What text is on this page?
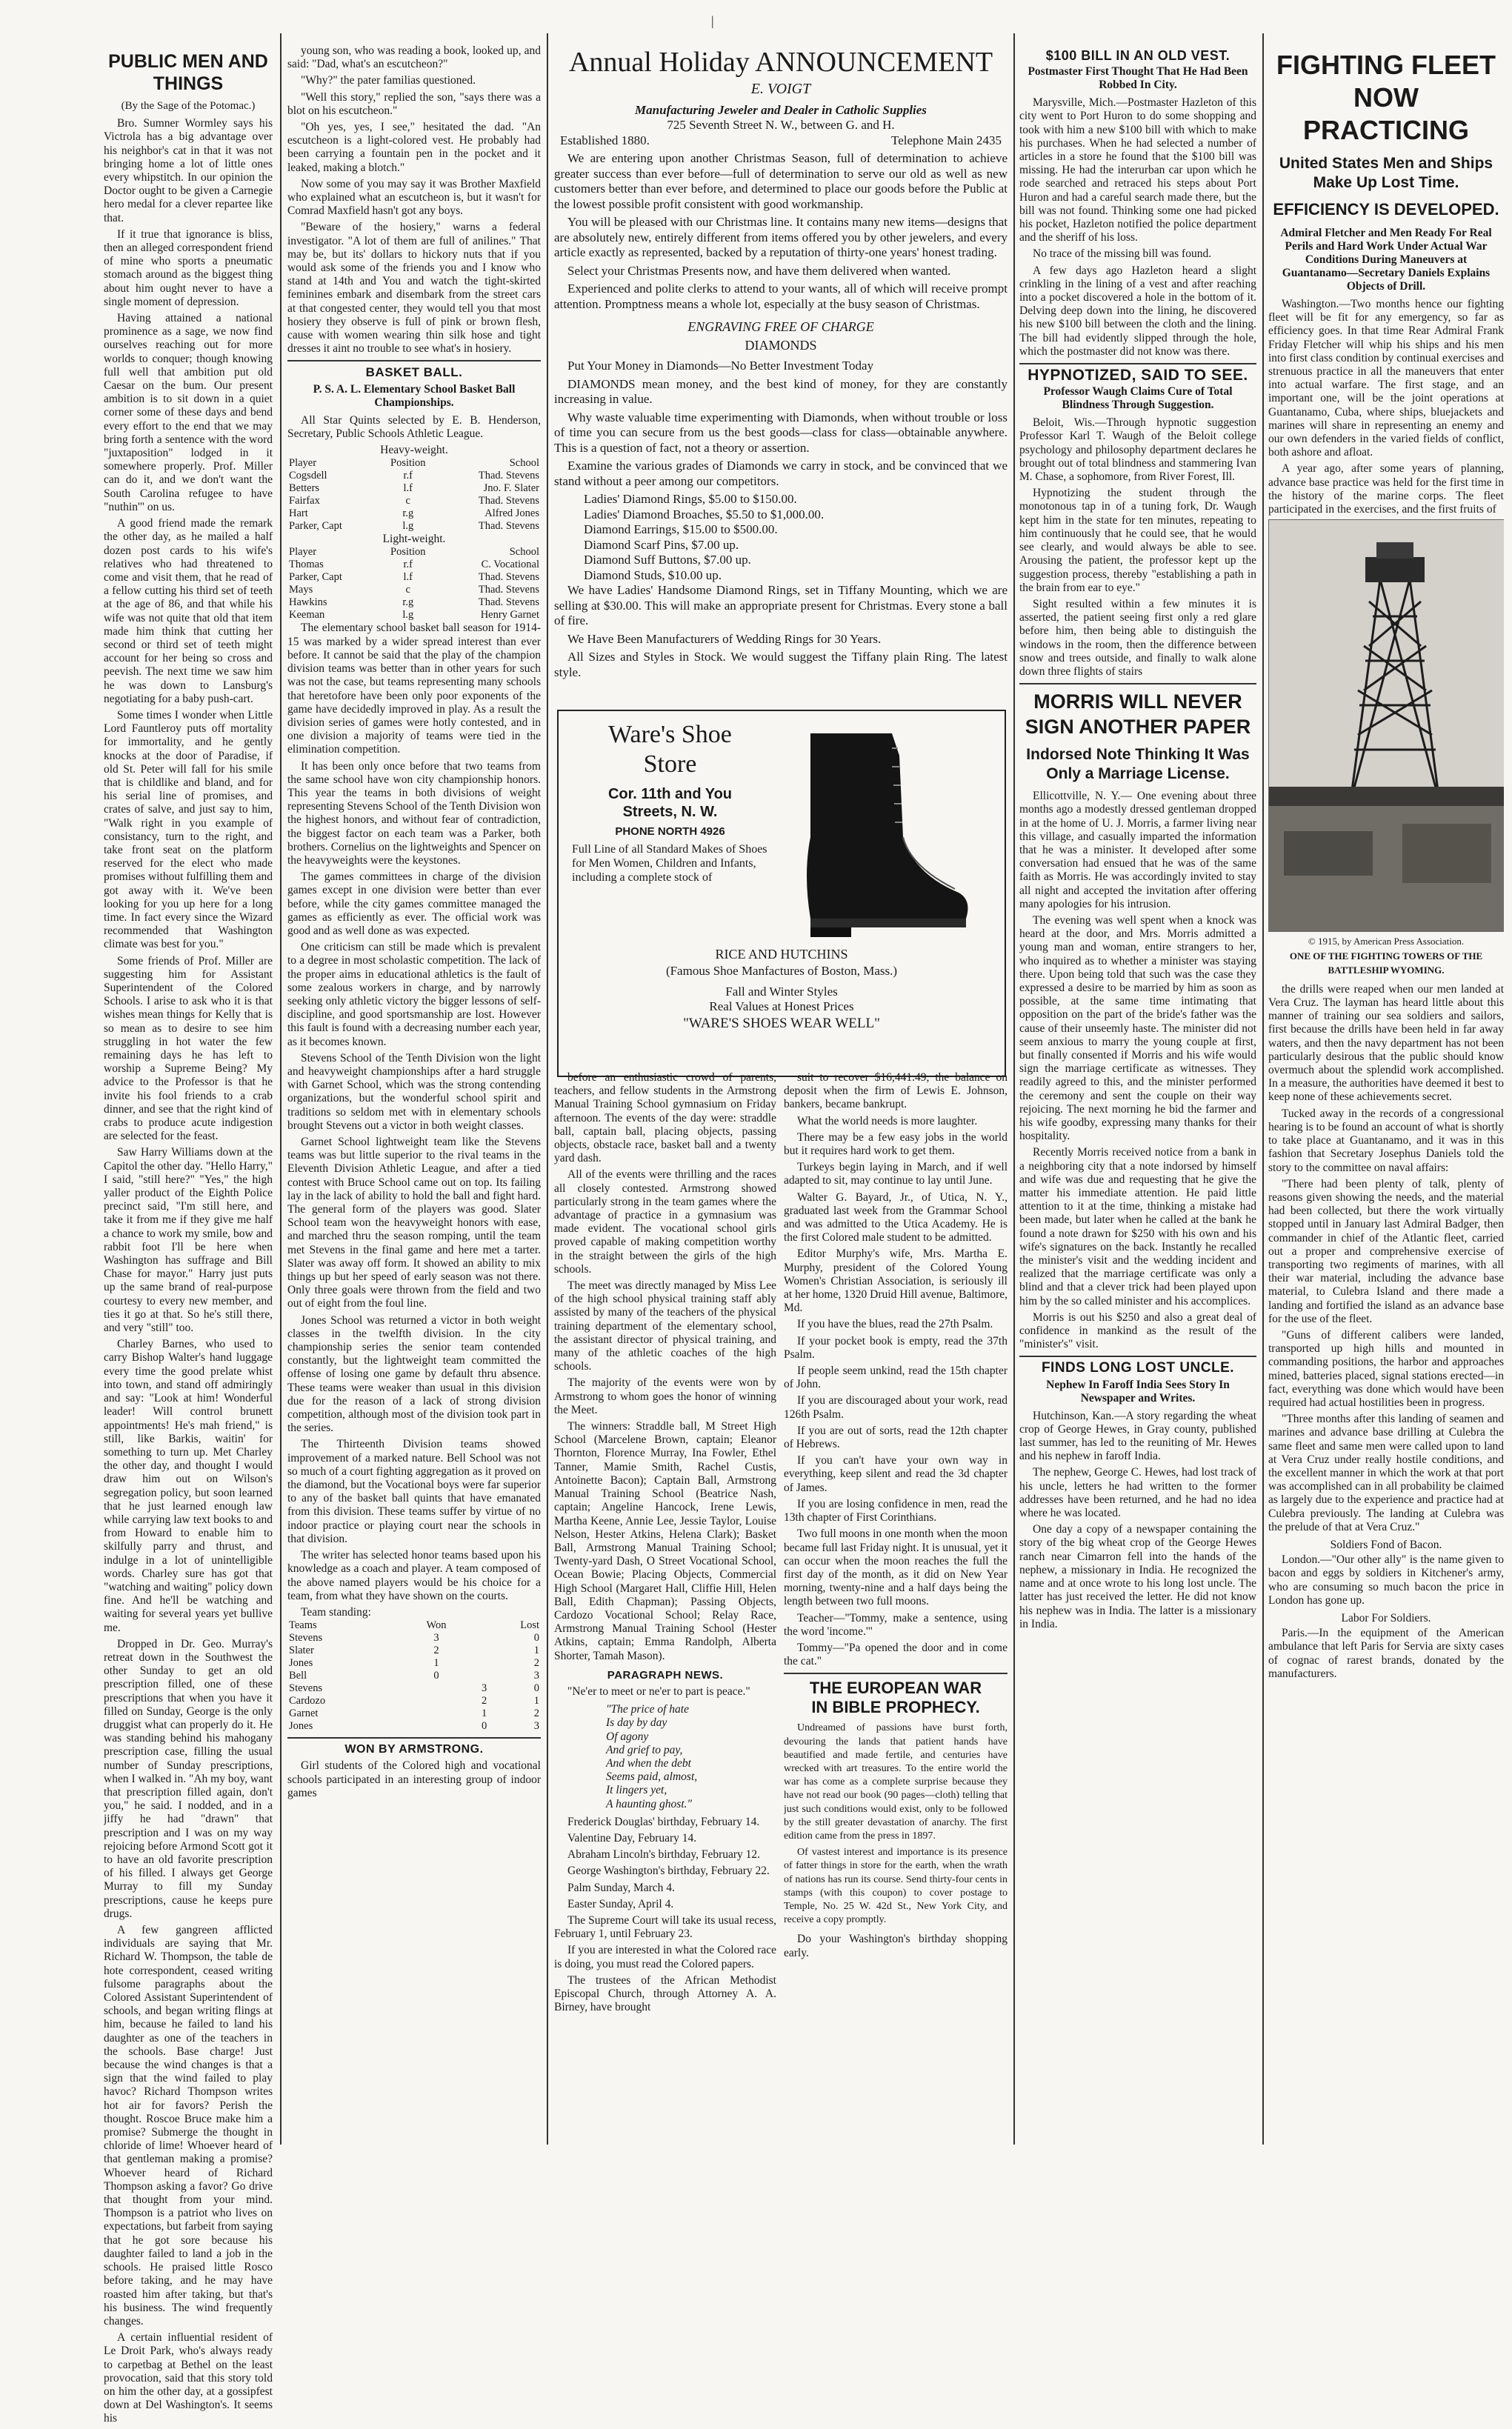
|
PUBLIC MEN AND THINGS
(By the Sage of the Potomac.)

Bro. Sumner Wormley says his Victrola has a big advantage over his neighbor's cat in that it was not bringing home a lot of little ones every whipstitch. In our opinion the Doctor ought to be given a Carnegie hero medal for a clever repartee like that.

If it true that ignorance is bliss, then an alleged correspondent friend of mine who sports a pneumatic stomach around as the biggest thing about him ought never to have a single moment of depression.

Having attained a national prominence as a sage, we now find ourselves reaching out for more worlds to conquer; though knowing full well that ambition put old Caesar on the bum. Our present ambition is to sit down in a quiet corner some of these days and bend every effort to the end that we may bring forth a sentence with the word "juxtaposition" lodged in it somewhere properly. Prof. Miller can do it, and we don't want the South Carolina refugee to have "nuthin'" on us.

A good friend made the remark the other day, as he mailed a half dozen post cards to his wife's relatives who had threatened to come and visit them, that he read of a fellow cutting his third set of teeth at the age of 86, and that while his wife was not quite that old that item made him think that cutting her second or third set of teeth might account for her being so cross and peevish. The next time we saw him he was down to Lansburg's negotiating for a baby push-cart.

Some times I wonder when Little Lord Fauntleroy puts off mortality for immortality, and he gently knocks at the door of Paradise, if old St. Peter will fall for his smile that is childlike and bland, and for his serial line of promises, and crates of salve, and just say to him, "Walk right in you example of consistancy, turn to the right, and take front seat on the platform reserved for the elect who made promises without fulfilling them and got away with it. We've been looking for you up here for a long time. In fact every since the Wizard recommended that Washington climate was best for you."

Some friends of Prof. Miller are suggesting him for Assistant Superintendent of the Colored Schools. I arise to ask who it is that wishes mean things for Kelly that is so mean as to desire to see him struggling in hot water the few remaining days he has left to worship a Supreme Being? My advice to the Professor is that he invite his fool friends to a crab dinner, and see that the right kind of crabs to produce acute indigestion are selected for the feast.

Saw Harry Williams down at the Capitol the other day. "Hello Harry," I said, "still here?" "Yes," the high yaller product of the Eighth Police precinct said, "I'm still here, and take it from me if they give me half a chance to work my smile, bow and rabbit foot I'll be here when Washington has suffrage and Bill Chase for mayor." Harry just puts up the same brand of real-purpose courtesy to every new member, and ties it go at that. So he's still there, and very "still" too.

Charley Barnes, who used to carry Bishop Walter's hand luggage every time the good prelate whist into town, and stand off admiringly and say: "Look at him! Wonderful leader! Will control brunett appointments! He's mah friend," is still, like Barkis, waitin' for something to turn up. Met Charley the other day, and thought I would draw him out on Wilson's segregation policy, but soon learned that he just learned enough law while carrying law text books to and from Howard to enable him to skilfully parry and thrust, and indulge in a lot of unintelligible words. Charley sure has got that "watching and waiting" policy down fine. And he'll be watching and waiting for several years yet bullive me.

Dropped in Dr. Geo. Murray's retreat down in the Southwest the other Sunday to get an old prescription filled, one of these prescriptions that when you have it filled on Sunday, George is the only druggist what can properly do it. He was standing behind his mahogany prescription case, filling the usual number of Sunday prescriptions, when I walked in. "Ah my boy, want that prescription filled again, don't you," he said. I nodded, and in a jiffy he had "drawn" that prescription and I was on my way rejoicing before Armond Scott got it to have an old favorite prescription of his filled. I always get George Murray to fill my Sunday prescriptions, cause he keeps pure drugs.

A few gangreen afflicted individuals are saying that Mr. Richard W. Thompson, the table de hote correspondent, ceased writing fulsome paragraphs about the Colored Assistant Superintendent of schools, and began writing flings at him, because he failed to land his daughter as one of the teachers in the schools. Base charge! Just because the wind changes is that a sign that the wind failed to play havoc? Richard Thompson writes hot air for favors? Perish the thought. Roscoe Bruce make him a promise? Submerge the thought in chloride of lime! Whoever heard of that gentleman making a promise? Whoever heard of Richard Thompson asking a favor? Go drive that thought from your mind. Thompson is a patriot who lives on expectations, but farbeit from saying that he got sore because his daughter failed to land a job in the schools. He praised little Rosco before taking, and he may have roasted him after taking, but that's his business. The wind frequently changes.

A certain influential resident of Le Droit Park, who's always ready to carpetbag at Bethel on the least provocation, said that this story told on him the other day, at a gossipfest down at Del Washington's. It seems his

young son, who was reading a book, looked up, and said: "Dad, what's an escutcheon?"

"Why?" the pater familias questioned.

"Well this story," replied the son, "says there was a blot on his escutcheon."

"Oh yes, yes, I see," hesitated the dad. "An escutcheon is a light-colored vest. He probably had been carrying a fountain pen in the pocket and it leaked, making a blotch."

Now some of you may say it was Brother Maxfield who explained what an escutcheon is, but it wasn't for Comrad Maxfield hasn't got any boys.

"Beware of the hosiery," warns a federal investigator. "A lot of them are full of anilines." That may be, but its' dollars to hickory nuts that if you would ask some of the friends you and I know who stand at 14th and You and watch the tight-skirted feminines embark and disembark from the street cars at that congested center, they would tell you that most hosiery they observe is full of pink or brown flesh, cause with women wearing thin silk hose and tight dresses it aint no trouble to see what's in hosiery.

BASKET BALL.
P. S. A. L. Elementary School Basket Ball Championships.

All Star Quints selected by E. B. Henderson, Secretary, Public Schools Athletic League.

Heavy-weight.
Player	Position	School
Cogsdell	r.f	Thad. Stevens
Betters	l.f	Jno. F. Slater
Fairfax	c	Thad. Stevens
Hart	r.g	Alfred Jones
Parker, Capt	l.g	Thad. Stevens
Light-weight.
Player	Position	School
Thomas	r.f	C. Vocational
Parker, Capt	l.f	Thad. Stevens
Mays	c	Thad. Stevens
Hawkins	r.g	Thad. Stevens
Keeman	l.g	Henry Garnet

The elementary school basket ball season for 1914-15 was marked by a wider spread interest than ever before. It cannot be said that the play of the champion division teams was better than in other years for such was not the case, but teams representing many schools that heretofore have been only poor exponents of the game have decidedly improved in play. As a result the division series of games were hotly contested, and in one division a majority of teams were tied in the elimination competition.

It has been only once before that two teams from the same school have won city championship honors. This year the teams in both divisions of weight representing Stevens School of the Tenth Division won the highest honors, and without fear of contradiction, the biggest factor on each team was a Parker, both brothers. Cornelius on the lightweights and Spencer on the heavyweights were the keystones.

The games committees in charge of the division games except in one division were better than ever before, while the city games committee managed the games as efficiently as ever. The official work was good and as well done as was expected.

One criticism can still be made which is prevalent to a degree in most scholastic competition. The lack of the proper aims in educational athletics is the fault of some zealous workers in charge, and by narrowly seeking only athletic victory the bigger lessons of self-discipline, and good sportsmanship are lost. However this fault is found with a decreasing number each year, as it becomes known.

Stevens School of the Tenth Division won the light and heavyweight championships after a hard struggle with Garnet School, which was the strong contending organizations, but the wonderful school spirit and traditions so seldom met with in elementary schools brought Stevens out a victor in both weight classes.

Garnet School lightweight team like the Stevens teams was but little superior to the rival teams in the Eleventh Division Athletic League, and after a tied contest with Bruce School came out on top. Its failing lay in the lack of ability to hold the ball and fight hard. The general form of the players was good. Slater School team won the heavyweight honors with ease, and marched thru the season romping, until the team met Stevens in the final game and here met a tarter. Slater was away off form. It showed an ability to mix things up but her speed of early season was not there. Only three goals were thrown from the field and two out of eight from the foul line.

Jones School was returned a victor in both weight classes in the twelfth division. In the city championship series the senior team contended constantly, but the lightweight team committed the offense of losing one game by default thru absence. These teams were weaker than usual in this division due for the reason of a lack of strong division competition, although most of the division took part in the series.

The Thirteenth Division teams showed improvement of a marked nature. Bell School was not so much of a court fighting aggregation as it proved on the diamond, but the Vocational boys were far superior to any of the basket ball quints that have emanated from this division. These teams suffer by virtue of no indoor practice or playing court near the schools in that division.

The writer has selected honor teams based upon his knowledge as a coach and player. A team composed of the above named players would be his choice for a team, from what they have shown on the courts.

Team standing:
Teams	Won	Lost
Stevens	3	0
Slater	2	1
Jones	1	2
Bell	0	3
Stevens	3	0
Cardozo	2	1
Garnet	1	2
Jones	0	3
WON BY ARMSTRONG.

Girl students of the Colored high and vocational schools participated in an interesting group of indoor games

Annual Holiday ANNOUNCEMENT
E. VOIGT
Manufacturing Jeweler and Dealer in Catholic Supplies
725 Seventh Street N. W., between G. and H.
Established 1880.	Telephone Main 2435

We are entering upon another Christmas Season, full of determination to achieve greater success than ever before—full of determination to serve our old as well as new customers better than ever before, and determined to place our goods before the Public at the lowest possible profit consistent with good workmanship.

You will be pleased with our Christmas line. It contains many new items—designs that are absolutely new, entirely different from items offered you by other jewelers, and every article exactly as represented, backed by a reputation of thirty-one years' honest trading.

Select your Christmas Presents now, and have them delivered when wanted.

Experienced and polite clerks to attend to your wants, all of which will receive prompt attention. Promptness means a whole lot, especially at the busy season of Christmas.

ENGRAVING FREE OF CHARGE
DIAMONDS

Put Your Money in Diamonds—No Better Investment Today

DIAMONDS mean money, and the best kind of money, for they are constantly increasing in value.

Why waste valuable time experimenting with Diamonds, when without trouble or loss of time you can secure from us the best goods—class for class—obtainable anywhere. This is a question of fact, not a theory or assertion.

Examine the various grades of Diamonds we carry in stock, and be convinced that we stand without a peer among our competitors.

Ladies' Diamond Rings, $5.00 to $150.00.
Ladies' Diamond Broaches, $5.50 to $1,000.00.
Diamond Earrings, $15.00 to $500.00.
Diamond Scarf Pins, $7.00 up.
Diamond Suff Buttons, $7.00 up.
Diamond Studs, $10.00 up.

We have Ladies' Handsome Diamond Rings, set in Tiffany Mounting, which we are selling at $30.00. This will make an appropriate present for Christmas. Every stone a ball of fire.

We Have Been Manufacturers of Wedding Rings for 30 Years.

All Sizes and Styles in Stock. We would suggest the Tiffany plain Ring. The latest style.

Ware's Shoe
Store
Cor. 11th and You
Streets, N. W.
PHONE NORTH 4926
Full Line of all Standard Makes of Shoes for Men Women, Children and Infants, including a complete stock of
RICE AND HUTCHINS
(Famous Shoe Manfactures of Boston, Mass.)
Fall and Winter Styles
Real Values at Honest Prices
"WARE'S SHOES WEAR WELL"

before an enthusiastic crowd of parents, teachers, and fellow students in the Armstrong Manual Training School gymnasium on Friday afternoon. The events of the day were: straddle ball, captain ball, placing objects, passing objects, obstacle race, basket ball and a twenty yard dash.

All of the events were thrilling and the races all closely contested. Armstrong showed particularly strong in the team games where the advantage of practice in a gymnasium was made evident. The vocational school girls proved capable of making competition worthy in the straight between the girls of the high schools.

The meet was directly managed by Miss Lee of the high school physical training staff ably assisted by many of the teachers of the physical training department of the elementary school, the assistant director of physical training, and many of the athletic coaches of the high schools.

The majority of the events were won by Armstrong to whom goes the honor of winning the Meet.

The winners: Straddle ball, M Street High School (Marcelene Brown, captain; Eleanor Thornton, Florence Murray, Ina Fowler, Ethel Tanner, Mamie Smith, Rachel Custis, Antoinette Bacon); Captain Ball, Armstrong Manual Training School (Beatrice Nash, captain; Angeline Hancock, Irene Lewis, Martha Keene, Annie Lee, Jessie Taylor, Louise Nelson, Hester Atkins, Helena Clark); Basket Ball, Armstrong Manual Training School; Twenty-yard Dash, O Street Vocational School, Ocean Bowie; Placing Objects, Commercial High School (Margaret Hall, Cliffie Hill, Helen Ball, Edith Chapman); Passing Objects, Cardozo Vocational School; Relay Race, Armstrong Manual Training School (Hester Atkins, captain; Emma Randolph, Alberta Shorter, Tamah Mason).

PARAGRAPH NEWS.

"Ne'er to meet or ne'er to part is peace."

"The price of hate
Is day by day
Of agony
And grief to pay,
And when the debt
Seems paid, almost,
It lingers yet,
A haunting ghost."

Frederick Douglas' birthday, February 14.

Valentine Day, February 14.

Abraham Lincoln's birthday, February 12.

George Washington's birthday, February 22.

Palm Sunday, March 4.

Easter Sunday, April 4.

The Supreme Court will take its usual recess, February 1, until February 23.

If you are interested in what the Colored race is doing, you must read the Colored papers.

The trustees of the African Methodist Episcopal Church, through Attorney A. A. Birney, have brought

suit to recover $16,441.49, the balance on deposit when the firm of Lewis E. Johnson, bankers, became bankrupt.

What the world needs is more laughter.

There may be a few easy jobs in the world but it requires hard work to get them.

Turkeys begin laying in March, and if well adapted to sit, may continue to lay until June.

Walter G. Bayard, Jr., of Utica, N. Y., graduated last week from the Grammar School and was admitted to the Utica Academy. He is the first Colored male student to be admitted.

Editor Murphy's wife, Mrs. Martha E. Murphy, president of the Colored Young Women's Christian Association, is seriously ill at her home, 1320 Druid Hill avenue, Baltimore, Md.

If you have the blues, read the 27th Psalm.

If your pocket book is empty, read the 37th Psalm.

If people seem unkind, read the 15th chapter of John.

If you are discouraged about your work, read 126th Psalm.

If you are out of sorts, read the 12th chapter of Hebrews.

If you can't have your own way in everything, keep silent and read the 3d chapter of James.

If you are losing confidence in men, read the 13th chapter of First Corinthians.

Two full moons in one month when the moon became full last Friday night. It is unusual, yet it can occur when the moon reaches the full the first day of the month, as it did on New Year morning, twenty-nine and a half days being the length between two full moons.

Teacher—"Tommy, make a sentence, using the word 'income.'"

Tommy—"Pa opened the door and in come the cat."

THE EUROPEAN WAR
IN BIBLE PROPHECY.

Undreamed of passions have burst forth, devouring the lands that patient hands have beautified and made fertile, and centuries have wrecked with art treasures. To the entire world the war has come as a complete surprise because they have not read our book (90 pages—cloth) telling that just such conditions would exist, only to be followed by the still greater devastation of anarchy. The first edition came from the press in 1897.

Of vastest interest and importance is its presence of fatter things in store for the earth, when the wrath of nations has run its course. Send thirty-four cents in stamps (with this coupon) to cover postage to Temple, No. 25 W. 42d St., New York City, and receive a copy promptly.

Do your Washington's birthday shopping early.

$100 BILL IN AN OLD VEST.
Postmaster First Thought That He Had Been Robbed In City.

Marysville, Mich.—Postmaster Hazleton of this city went to Port Huron to do some shopping and took with him a new $100 bill with which to make his purchases. When he had selected a number of articles in a store he found that the $100 bill was missing. He had the interurban car upon which he rode searched and retraced his steps about Port Huron and had a careful search made there, but the bill was not found. Thinking some one had picked his pocket, Hazleton notified the police department and the sheriff of his loss.

No trace of the missing bill was found.

A few days ago Hazleton heard a slight crinkling in the lining of a vest and after reaching into a pocket discovered a hole in the bottom of it. Delving deep down into the lining, he discovered his new $100 bill between the cloth and the lining. The bill had evidently slipped through the hole, which the postmaster did not know was there.

HYPNOTIZED, SAID TO SEE.
Professor Waugh Claims Cure of Total Blindness Through Suggestion.

Beloit, Wis.—Through hypnotic suggestion Professor Karl T. Waugh of the Beloit college psychology and philosophy department declares he brought out of total blindness and stammering Ivan M. Chase, a sophomore, from River Forest, Ill.

Hypnotizing the student through the monotonous tap in of a tuning fork, Dr. Waugh kept him in the state for ten minutes, repeating to him continuously that he could see, that he would see clearly, and would always be able to see. Arousing the patient, the professor kept up the suggestion process, thereby "establishing a path in the brain from ear to eye."

Sight resulted within a few minutes it is asserted, the patient seeing first only a red glare before him, then being able to distinguish the windows in the room, then the difference between snow and trees outside, and finally to walk alone down three flights of stairs

MORRIS WILL NEVER
SIGN ANOTHER PAPER
Indorsed Note Thinking It Was
Only a Marriage License.

Ellicottville, N. Y.— One evening about three months ago a modestly dressed gentleman dropped in at the home of U. J. Morris, a farmer living near this village, and casually imparted the information that he was a minister. It developed after some conversation had ensued that he was of the same faith as Morris. He was accordingly invited to stay all night and accepted the invitation after offering many apologies for his intrusion.

The evening was well spent when a knock was heard at the door, and Mrs. Morris admitted a young man and woman, entire strangers to her, who inquired as to whether a minister was staying there. Upon being told that such was the case they expressed a desire to be married by him as soon as possible, at the same time intimating that opposition on the part of the bride's father was the cause of their unseemly haste. The minister did not seem anxious to marry the young couple at first, but finally consented if Morris and his wife would sign the marriage certificate as witnesses. They readily agreed to this, and the minister performed the ceremony and sent the couple on their way rejoicing. The next morning he bid the farmer and his wife goodby, expressing many thanks for their hospitality.

Recently Morris received notice from a bank in a neighboring city that a note indorsed by himself and wife was due and requesting that he give the matter his immediate attention. He paid little attention to it at the time, thinking a mistake had been made, but later when he called at the bank he found a note drawn for $250 with his own and his wife's signatures on the back. Instantly he recalled the minister's visit and the wedding incident and realized that the marriage certificate was only a blind and that a clever trick had been played upon him by the so called minister and his accomplices.

Morris is out his $250 and also a great deal of confidence in mankind as the result of the "minister's" visit.

FINDS LONG LOST UNCLE.
Nephew In Faroff India Sees Story In Newspaper and Writes.

Hutchinson, Kan.—A story regarding the wheat crop of George Hewes, in Gray county, published last summer, has led to the reuniting of Mr. Hewes and his nephew in faroff India.

The nephew, George C. Hewes, had lost track of his uncle, letters he had written to the former addresses have been returned, and he had no idea where he was located.

One day a copy of a newspaper containing the story of the big wheat crop of the George Hewes ranch near Cimarron fell into the hands of the nephew, a missionary in India. He recognized the name and at once wrote to his long lost uncle. The latter has just received the letter. He did not know his nephew was in India. The latter is a missionary in India.

FIGHTING FLEET
NOW PRACTICING
United States Men and Ships Make Up Lost Time.
EFFICIENCY IS DEVELOPED.
Admiral Fletcher and Men Ready For Real Perils and Hard Work Under Actual War Conditions During Maneuvers at Guantanamo—Secretary Daniels Explains Objects of Drill.

Washington.—Two months hence our fighting fleet will be fit for any emergency, so far as efficiency goes. In that time Rear Admiral Frank Friday Fletcher will whip his ships and his men into first class condition by continual exercises and strenuous practice in all the maneuvers that enter into actual warfare. The first stage, and an important one, will be the joint operations at Guantanamo, Cuba, where ships, bluejackets and marines will share in representing an enemy and our own defenders in the varied fields of conflict, both ashore and afloat.

A year ago, after some years of planning, advance base practice was held for the first time in the history of the marine corps. The fleet participated in the exercises, and the first fruits of

© 1915, by American Press Association.
ONE OF THE FIGHTING TOWERS OF THE BATTLESHIP WYOMING.

the drills were reaped when our men landed at Vera Cruz. The layman has heard little about this manner of training our sea soldiers and sailors, first because the drills have been held in far away waters, and then the navy department has not been particularly desirous that the public should know overmuch about the splendid work accomplished. In a measure, the authorities have deemed it best to keep none of these achievements secret.

Tucked away in the records of a congressional hearing is to be found an account of what is shortly to take place at Guantanamo, and it was in this fashion that Secretary Josephus Daniels told the story to the committee on naval affairs:

"There had been plenty of talk, plenty of reasons given showing the needs, and the material had been collected, but there the work virtually stopped until in January last Admiral Badger, then commander in chief of the Atlantic fleet, carried out a proper and comprehensive exercise of transporting two regiments of marines, with all their war material, including the advance base material, to Culebra Island and there made a landing and fortified the island as an advance base for the use of the fleet.

"Guns of different calibers were landed, transported up high hills and mounted in commanding positions, the harbor and approaches mined, batteries placed, signal stations erected—in fact, everything was done which would have been required had actual hostilities been in progress.

"Three months after this landing of seamen and marines and advance base drilling at Culebra the same fleet and same men were called upon to land at Vera Cruz under really hostile conditions, and the excellent manner in which the work at that port was accomplished can in all probability be claimed as largely due to the experience and practice had at Culebra previously. The landing at Culebra was the prelude of that at Vera Cruz."

Soldiers Fond of Bacon.

London.—"Our other ally" is the name given to bacon and eggs by soldiers in Kitchener's army, who are consuming so much bacon the price in London has gone up.

Labor For Soldiers.

Paris.—In the equipment of the American ambulance that left Paris for Servia are sixty cases of cognac of rarest brands, donated by the manufacturers.
